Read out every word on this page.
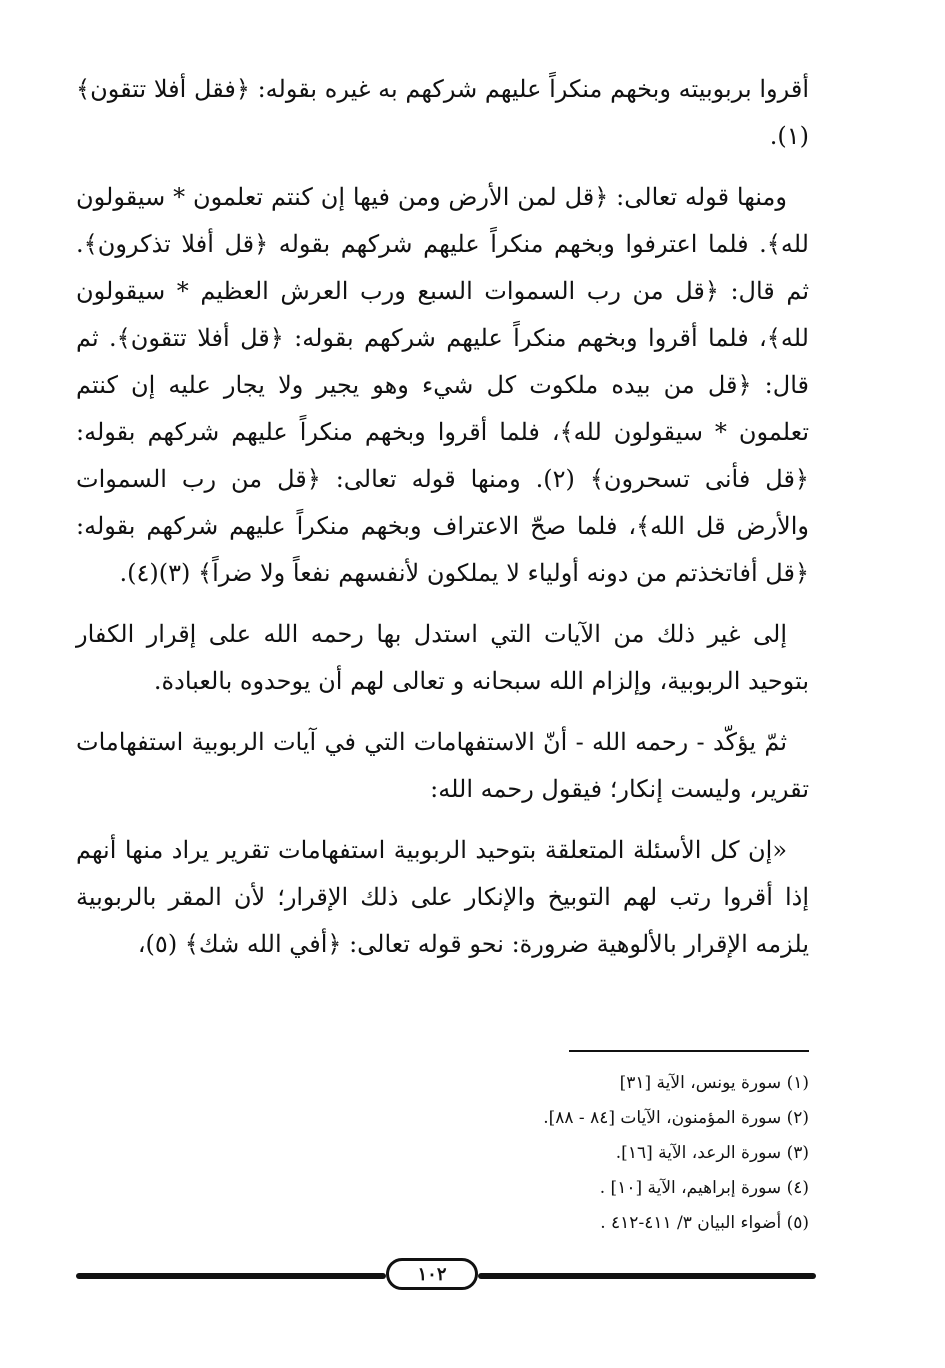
أقروا بربوبيته وبخهم منكراً عليهم شركهم به غيره بقوله: ﴿فقل أفلا تتقون﴾ (١).

ومنها قوله تعالى: ﴿قل لمن الأرض ومن فيها إن كنتم تعلمون * سيقولون لله﴾. فلما اعترفوا وبخهم منكراً عليهم شركهم بقوله ﴿قل أفلا تذكرون﴾. ثم قال: ﴿قل من رب السموات السبع ورب العرش العظيم * سيقولون لله﴾، فلما أقروا وبخهم منكراً عليهم شركهم بقوله: ﴿قل أفلا تتقون﴾. ثم قال: ﴿قل من بيده ملكوت كل شيء وهو يجير ولا يجار عليه إن كنتم تعلمون * سيقولون لله﴾، فلما أقروا وبخهم منكراً عليهم شركهم بقوله: ﴿قل فأنى تسحرون﴾ (٢). ومنها قوله تعالى: ﴿قل من رب السموات والأرض قل الله﴾، فلما صحّ الاعتراف وبخهم منكراً عليهم شركهم بقوله: ﴿قل أفاتخذتم من دونه أولياء لا يملكون لأنفسهم نفعاً ولا ضراً﴾ (٣)(٤).

إلى غير ذلك من الآيات التي استدل بها رحمه الله على إقرار الكفار بتوحيد الربوبية، وإلزام الله سبحانه و تعالى لهم أن يوحدوه بالعبادة.

ثمّ يؤكّد - رحمه الله - أنّ الاستفهامات التي في آيات الربوبية استفهامات تقرير، وليست إنكار؛ فيقول رحمه الله:

«إن كل الأسئلة المتعلقة بتوحيد الربوبية استفهامات تقرير يراد منها أنهم إذا أقروا رتب لهم التوبيخ والإنكار على ذلك الإقرار؛ لأن المقر بالربوبية يلزمه الإقرار بالألوهية ضرورة: نحو قوله تعالى: ﴿أفي الله شك﴾ (٥)،

(١) سورة يونس، الآية [٣١]
(٢) سورة المؤمنون، الآيات [٨٤ - ٨٨].
(٣) سورة الرعد، الآية [١٦].
(٤) سورة إبراهيم، الآية [١٠] .
(٥) أضواء البيان ٣/ ٤١١-٤١٢ .
١٠٢
